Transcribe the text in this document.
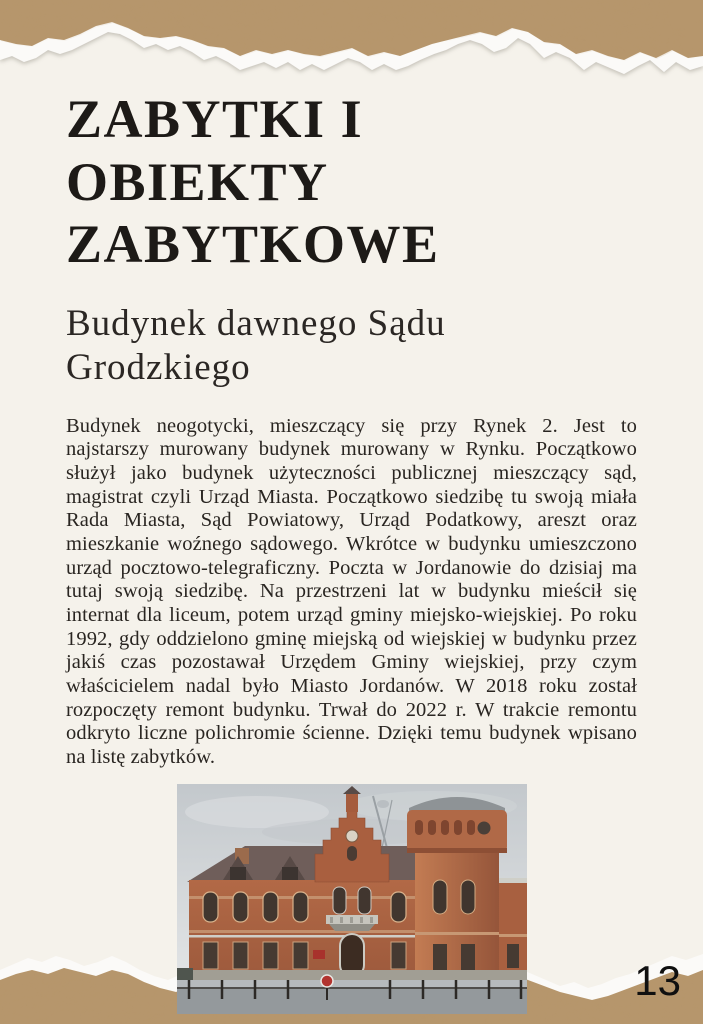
ZABYTKI I OBIEKTY
ZABYTKOWE
Budynek dawnego Sądu
Grodzkiego

Budynek neogotycki, mieszczący się przy Rynek 2. Jest to najstarszy murowany budynek murowany w Rynku. Początkowo służył jako budynek użyteczności publicznej mieszczący sąd, magistrat czyli Urząd Miasta. Początkowo siedzibę tu swoją miała Rada Miasta, Sąd Powiatowy, Urząd Podatkowy, areszt oraz mieszkanie woźnego sądowego. Wkrótce w budynku umieszczono urząd pocztowo-telegraficzny. Poczta w Jordanowie do dzisiaj ma tutaj swoją siedzibę. Na przestrzeni lat w budynku mieścił się internat dla liceum, potem urząd gminy miejsko-wiejskiej. Po roku 1992, gdy oddzielono gminę miejską od wiejskiej w budynku przez jakiś czas pozostawał Urzędem Gminy wiejskiej, przy czym właścicielem nadal było Miasto Jordanów. W 2018 roku został rozpoczęty remont budynku. Trwał do 2022 r. W trakcie remontu odkryto liczne polichromie ścienne. Dzięki temu budynek wpisano na listę zabytków.

13
